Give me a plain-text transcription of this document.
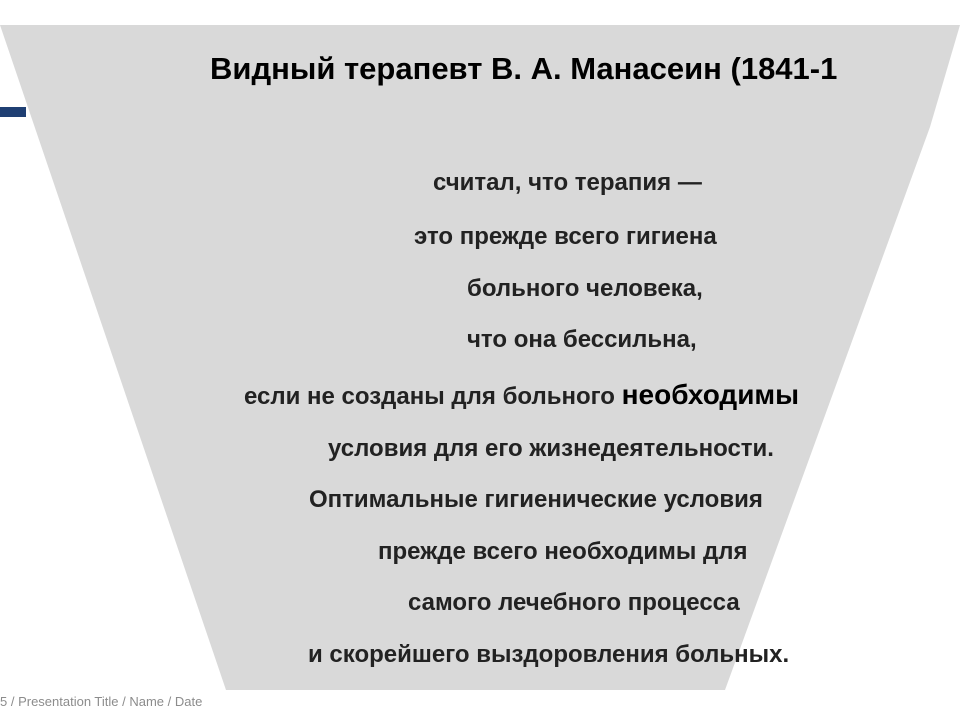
Видный терапевт В. А. Манасеин (1841-1

считал, что терапия —

это прежде всего гигиена

больного человека,

что она бессильна,

если не созданы для больного необходимы

условия для его жизнедеятельности.

Оптимальные гигиенические условия

прежде всего необходимы для

самого лечебного процесса

и скорейшего выздоровления больных.

5 / Presentation Title / Name / Date
